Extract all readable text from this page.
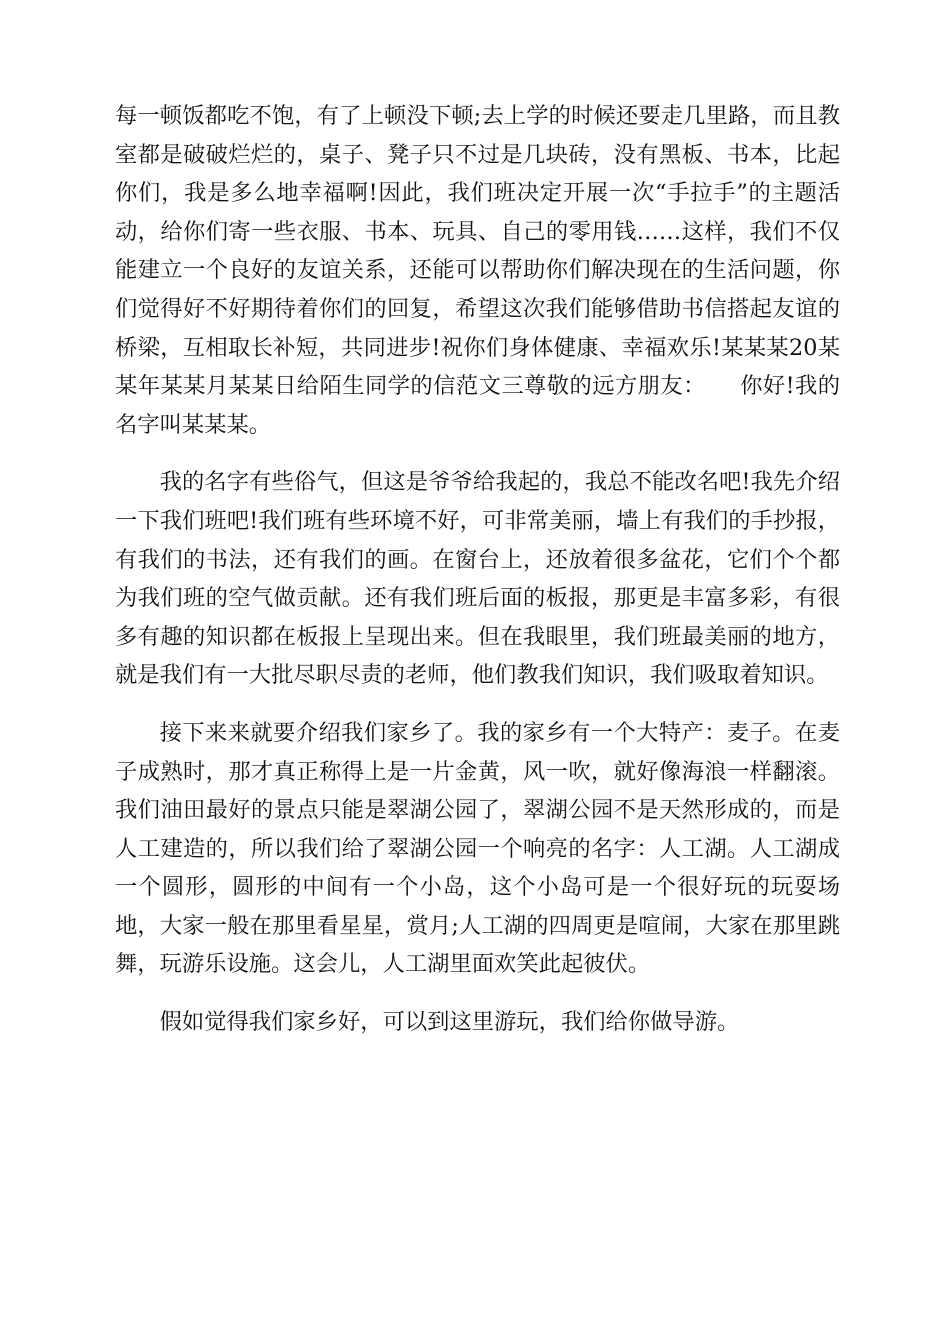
每一顿饭都吃不饱，有了上顿没下顿;去上学的时候还要走几里路，而且教室都是破破烂烂的，桌子、凳子只不过是几块砖，没有黑板、书本，比起你们，我是多么地幸福啊!因此，我们班决定开展一次“手拉手”的主题活动，给你们寄一些衣服、书本、玩具、自己的零用钱……这样，我们不仅能建立一个良好的友谊关系，还能可以帮助你们解决现在的生活问题，你们觉得好不好期待着你们的回复，希望这次我们能够借助书信搭起友谊的桥梁，互相取长补短，共同进步!祝你们身体健康、幸福欢乐!某某某20某某年某某月某某日给陌生同学的信范文三尊敬的远方朋友：　　你好!我的名字叫某某某。

我的名字有些俗气，但这是爷爷给我起的，我总不能改名吧!我先介绍一下我们班吧!我们班有些环境不好，可非常美丽，墙上有我们的手抄报，有我们的书法，还有我们的画。在窗台上，还放着很多盆花，它们个个都为我们班的空气做贡献。还有我们班后面的板报，那更是丰富多彩，有很多有趣的知识都在板报上呈现出来。但在我眼里，我们班最美丽的地方，就是我们有一大批尽职尽责的老师，他们教我们知识，我们吸取着知识。

接下来来就要介绍我们家乡了。我的家乡有一个大特产：麦子。在麦子成熟时，那才真正称得上是一片金黄，风一吹，就好像海浪一样翻滚。我们油田最好的景点只能是翠湖公园了，翠湖公园不是天然形成的，而是人工建造的，所以我们给了翠湖公园一个响亮的名字：人工湖。人工湖成一个圆形，圆形的中间有一个小岛，这个小岛可是一个很好玩的玩耍场地，大家一般在那里看星星，赏月;人工湖的四周更是喧闹，大家在那里跳舞，玩游乐设施。这会儿，人工湖里面欢笑此起彼伏。

假如觉得我们家乡好，可以到这里游玩，我们给你做导游。
